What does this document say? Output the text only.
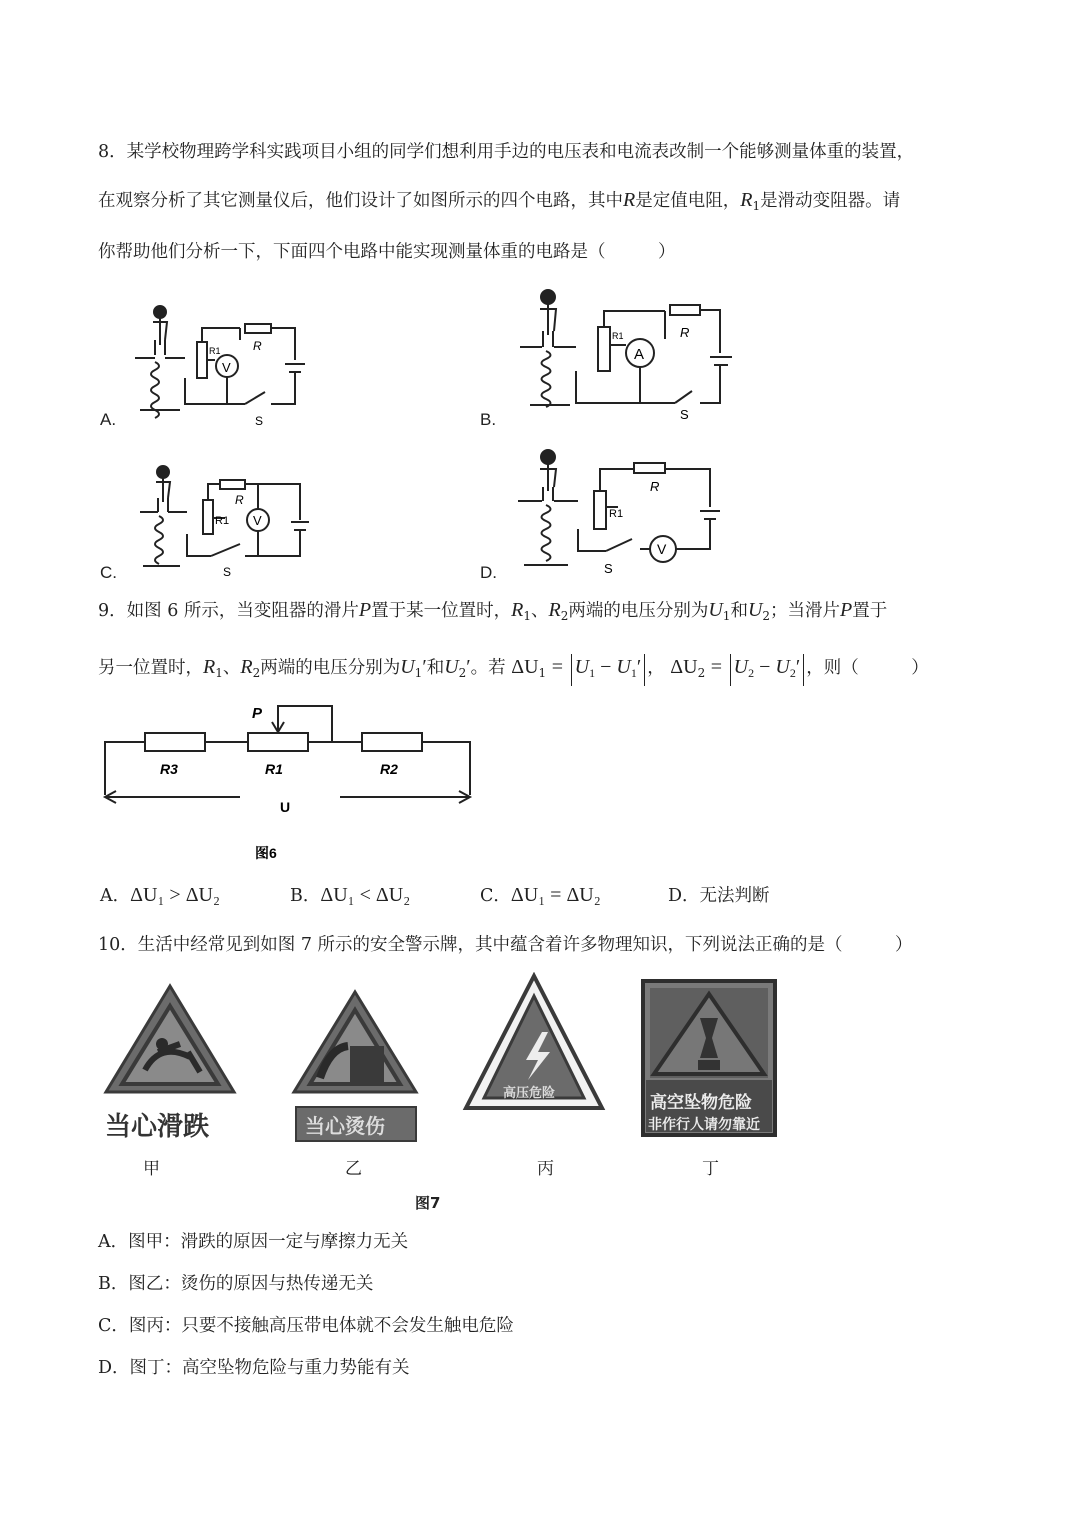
8．某学校物理跨学科实践项目小组的同学们想利用手边的电压表和电流表改制一个能够测量体重的装置，
在观察分析了其它测量仪后，他们设计了如图所示的四个电路，其中R是定值电阻，$R_1$是滑动变阻器。请
你帮助他们分析一下，下面四个电路中能实现测量体重的电路是（　　　）
A.
V
R
R1
S	B.
A
R
R1
S
C.
V
R
R1
S	D.
V
R
R1
S
9．如图 6 所示，当变阻器的滑片P置于某一位置时，$R_1$、$R_2$两端的电压分别为$U_1$和$U_2$；当滑片P置于
另一位置时，$R_1$、$R_2$两端的电压分别为$U_1'$和$U_2'$。若 $\Delta U_1 = U_1 - U_1'$ ， $\Delta U_2 = U_2 - U_2'$ ，则（　　　）
P
R3	R1	R2
U
图6
A．ΔU₁ > ΔU₂	B．ΔU₁ < ΔU₂	C．ΔU₁ = ΔU₂	D．无法判断
10．生活中经常见到如图 7 所示的安全警示牌，其中蕴含着许多物理知识，下列说法正确的是（　　　）
当心滑跌	当心烫伤
高压危险	高空坠物危险
非作行人请勿靠近
甲	乙	丙	丁
图7
A．图甲：滑跌的原因一定与摩擦力无关
B．图乙：烫伤的原因与热传递无关
C．图丙：只要不接触高压带电体就不会发生触电危险
D．图丁：高空坠物危险与重力势能有关
